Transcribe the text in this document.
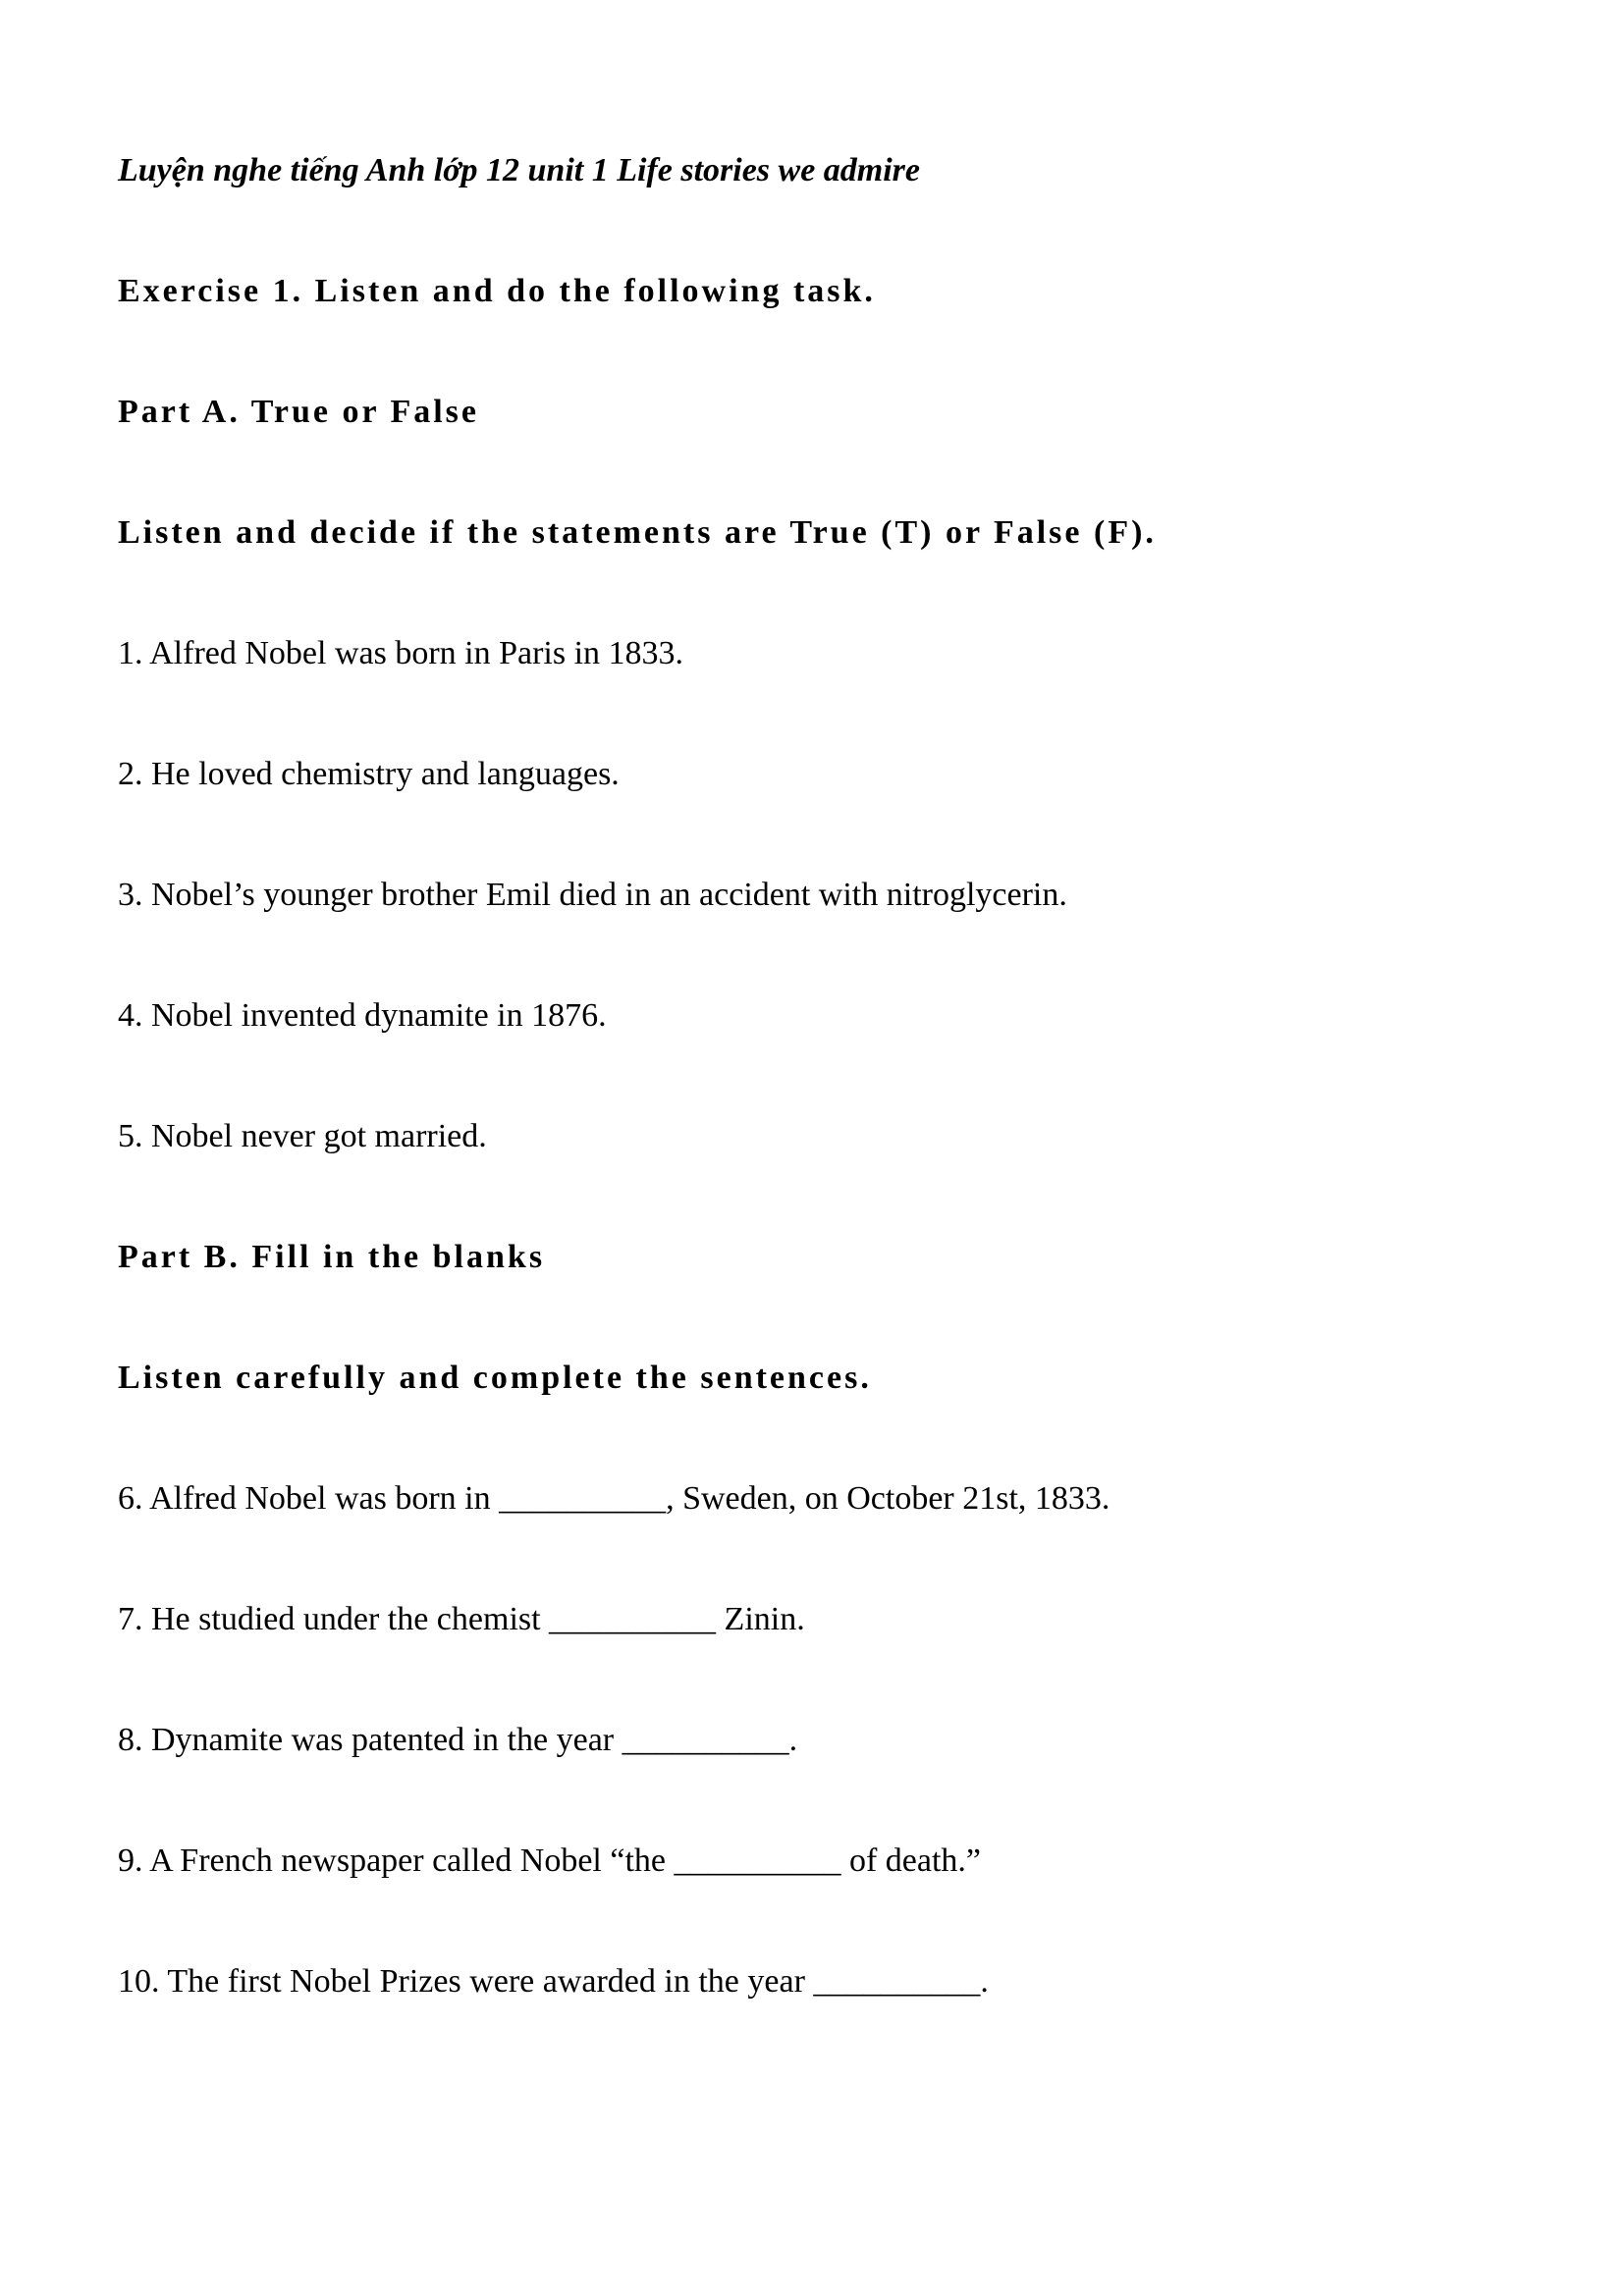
Luyện nghe tiếng Anh lớp 12 unit 1 Life stories we admire

Exercise 1. Listen and do the following task.

Part A. True or False

Listen and decide if the statements are True (T) or False (F).

1. Alfred Nobel was born in Paris in 1833.

2. He loved chemistry and languages.

3. Nobel’s younger brother Emil died in an accident with nitroglycerin.

4. Nobel invented dynamite in 1876.

5. Nobel never got married.

Part B. Fill in the blanks

Listen carefully and complete the sentences.

6. Alfred Nobel was born in __________, Sweden, on October 21st, 1833.

7. He studied under the chemist __________ Zinin.

8. Dynamite was patented in the year __________.

9. A French newspaper called Nobel “the __________ of death.”

10. The first Nobel Prizes were awarded in the year __________.
